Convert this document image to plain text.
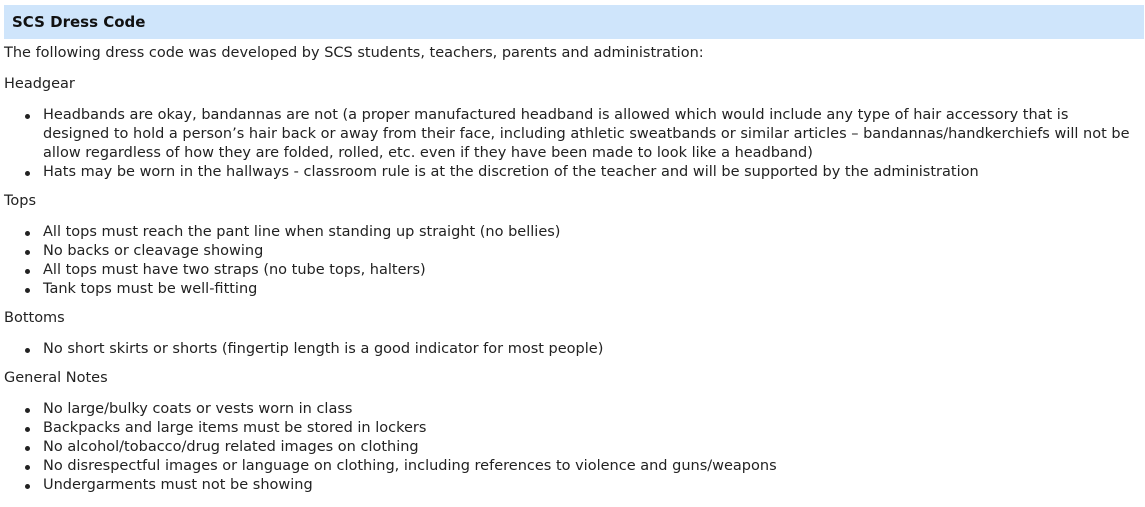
SCS Dress Code

The following dress code was developed by SCS students, teachers, parents and administration:

Headgear

Headbands are okay, bandannas are not (a proper manufactured headband is allowed which would include any type of hair accessory that is designed to hold a person’s hair back or away from their face, including athletic sweatbands or similar articles – bandannas/handkerchiefs will not be allow regardless of how they are folded, rolled, etc. even if they have been made to look like a headband)
Hats may be worn in the hallways - classroom rule is at the discretion of the teacher and will be supported by the administration

Tops

All tops must reach the pant line when standing up straight (no bellies)
No backs or cleavage showing
All tops must have two straps (no tube tops, halters)
Tank tops must be well-fitting

Bottoms

No short skirts or shorts (fingertip length is a good indicator for most people)

General Notes

No large/bulky coats or vests worn in class
Backpacks and large items must be stored in lockers
No alcohol/tobacco/drug related images on clothing
No disrespectful images or language on clothing, including references to violence and guns/weapons
Undergarments must not be showing
